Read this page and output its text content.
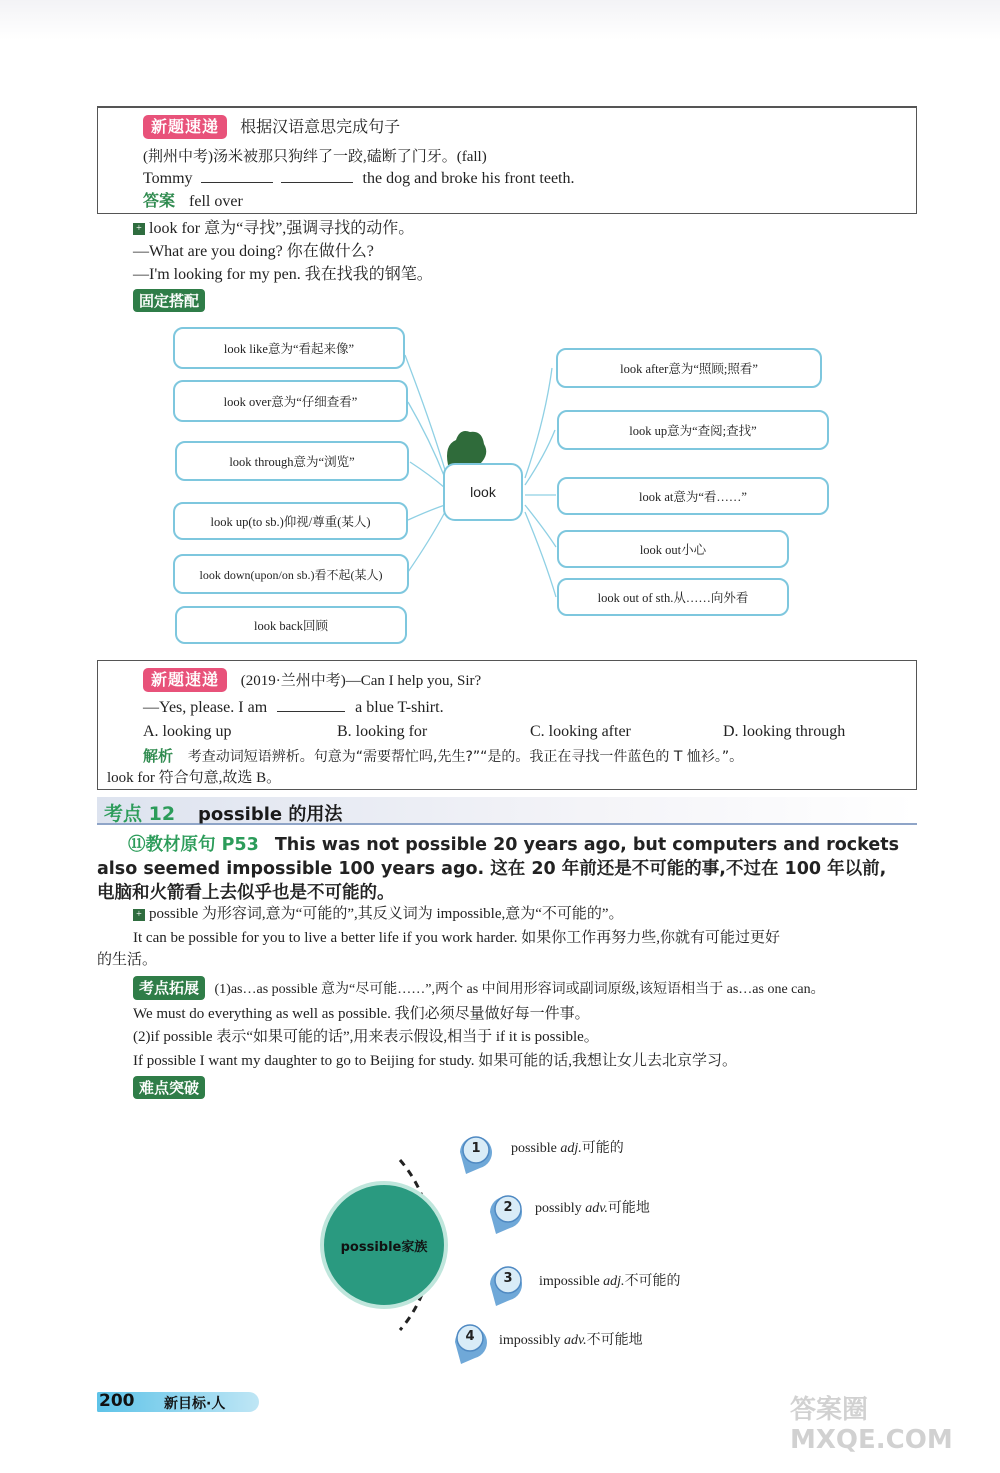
新题速递 根据汉语意思完成句子
(荆州中考)汤米被那只狗绊了一跤,磕断了门牙。(fall)
Tommy	the dog and broke his front teeth.
答案 fell over
+ look for 意为“寻找”,强调寻找的动作。
—What are you doing? 你在做什么?
—I'm looking for my pen. 我在找我的钢笔。
固定搭配
look
look like意为“看起来像”
look over意为“仔细查看”
look through意为“浏览”
look up(to sb.)仰视/尊重(某人)
look down(upon/on sb.)看不起(某人)
look back回顾
look after意为“照顾;照看”
look up意为“查阅;查找”
look at意为“看……”
look out小心
look out of sth.从……向外看
新题速递 (2019·兰州中考)—Can I help you, Sir?
—Yes, please. I am	a blue T-shirt.
A. looking up	B. looking for	C. looking after	D. looking through
解析 考查动词短语辨析。句意为“需要帮忙吗,先生?”“是的。我正在寻找一件蓝色的 T 恤衫。”。
look for 符合句意,故选 B。
考点 12 possible 的用法
⑪教材原句 P53 This was not possible 20 years ago, but computers and rockets
also seemed impossible 100 years ago. 这在 20 年前还是不可能的事,不过在 100 年以前,
电脑和火箭看上去似乎也是不可能的。
+ possible 为形容词,意为“可能的”,其反义词为 impossible,意为“不可能的”。
It can be possible for you to live a better life if you work harder. 如果你工作再努力些,你就有可能过更好
的生活。
考点拓展 (1)as…as possible 意为“尽可能……”,两个 as 中间用形容词或副词原级,该短语相当于 as…as one can。
We must do everything as well as possible. 我们必须尽量做好每一件事。
(2)if possible 表示“如果可能的话”,用来表示假设,相当于 if it is possible。
If possible I want my daughter to go to Beijing for study. 如果可能的话,我想让女儿去北京学习。
难点突破
possible家族
1
2
3
4
possible adj.可能的
possibly adv.可能地
impossible adj.不可能的
impossibly adv.不可能地
200 新目标·人	答案圈 MXQE.COM
